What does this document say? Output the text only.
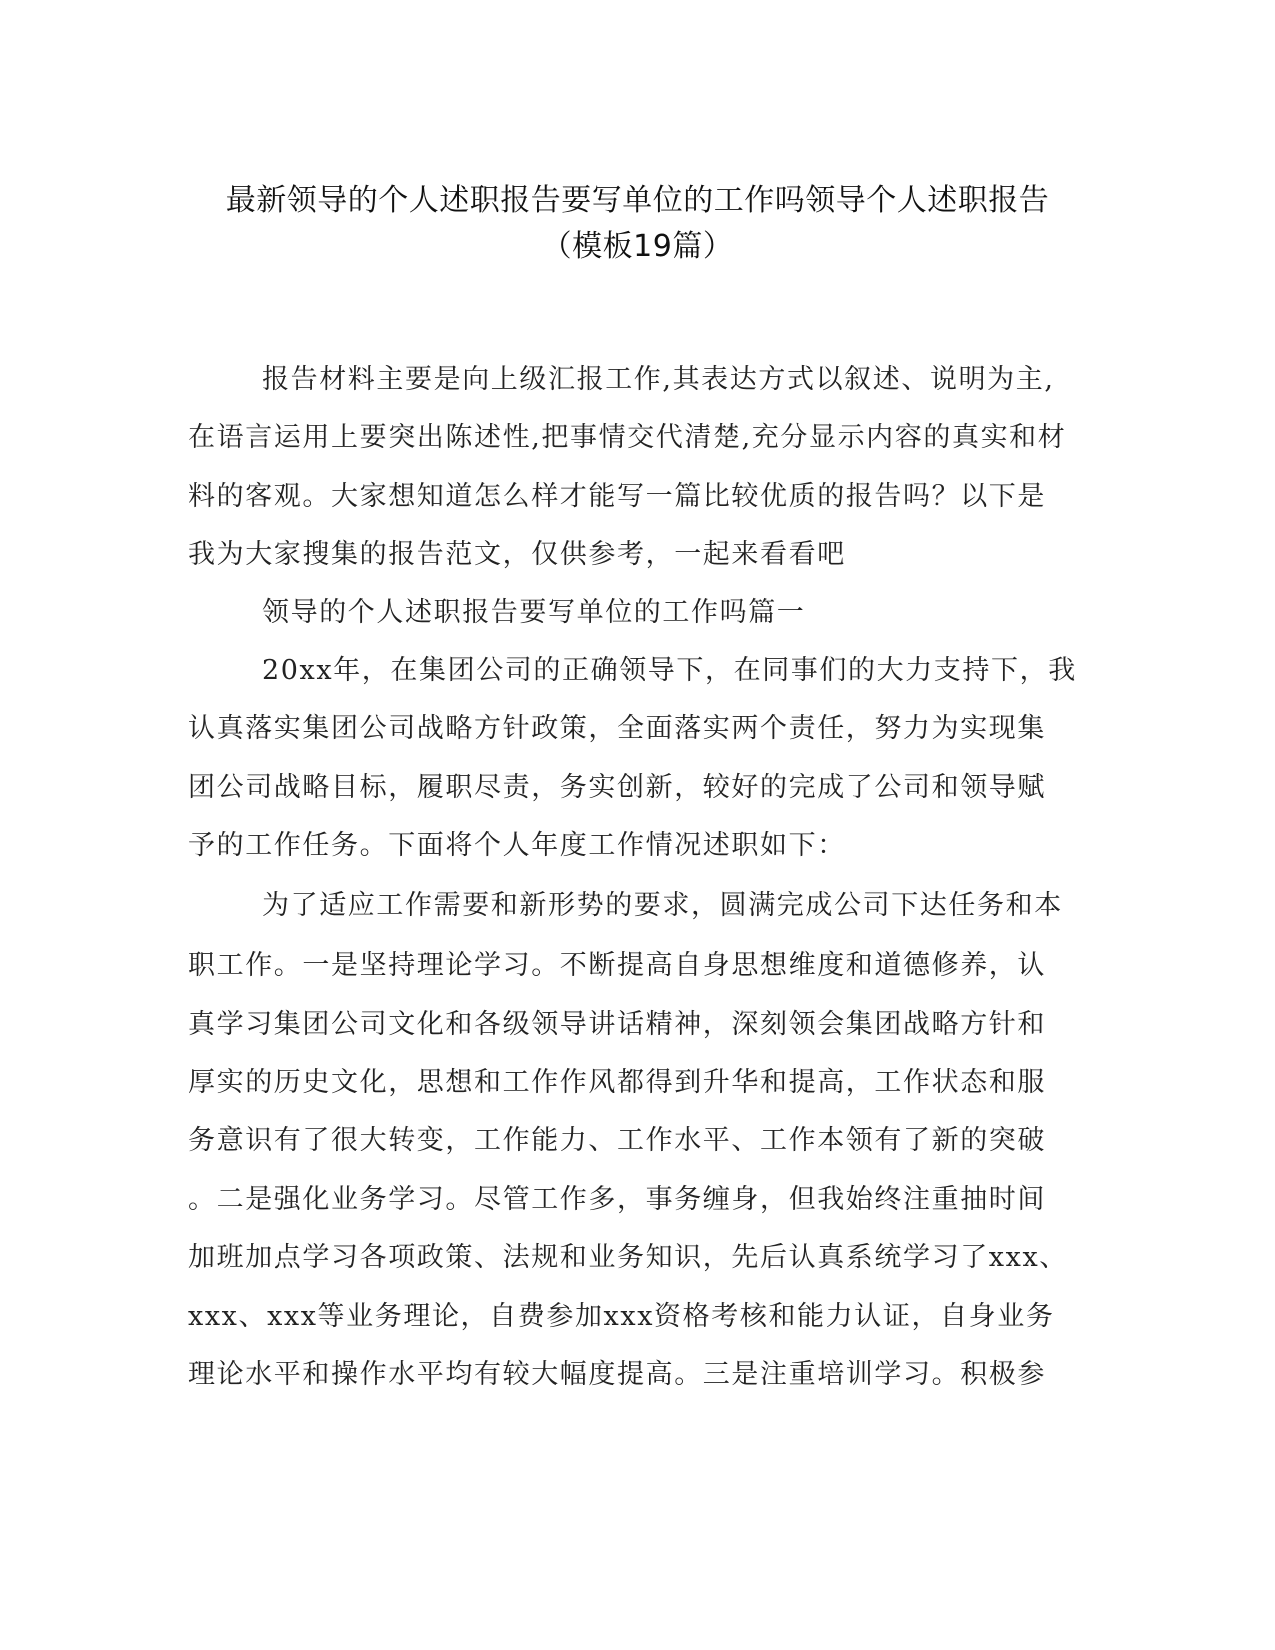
最新领导的个人述职报告要写单位的工作吗领导个人述职报告
（模板19篇）
报告材料主要是向上级汇报工作,其表达方式以叙述、说明为主,
在语言运用上要突出陈述性,把事情交代清楚,充分显示内容的真实和材
料的客观。大家想知道怎么样才能写一篇比较优质的报告吗？以下是
我为大家搜集的报告范文，仅供参考，一起来看看吧
领导的个人述职报告要写单位的工作吗篇一
20xx年，在集团公司的正确领导下，在同事们的大力支持下，我
认真落实集团公司战略方针政策，全面落实两个责任，努力为实现集
团公司战略目标，履职尽责，务实创新，较好的完成了公司和领导赋
予的工作任务。下面将个人年度工作情况述职如下：
为了适应工作需要和新形势的要求，圆满完成公司下达任务和本
职工作。一是坚持理论学习。不断提高自身思想维度和道德修养，认
真学习集团公司文化和各级领导讲话精神，深刻领会集团战略方针和
厚实的历史文化，思想和工作作风都得到升华和提高，工作状态和服
务意识有了很大转变，工作能力、工作水平、工作本领有了新的突破
。二是强化业务学习。尽管工作多，事务缠身，但我始终注重抽时间
加班加点学习各项政策、法规和业务知识，先后认真系统学习了xxx、
xxx、xxx等业务理论，自费参加xxx资格考核和能力认证，自身业务
理论水平和操作水平均有较大幅度提高。三是注重培训学习。积极参
